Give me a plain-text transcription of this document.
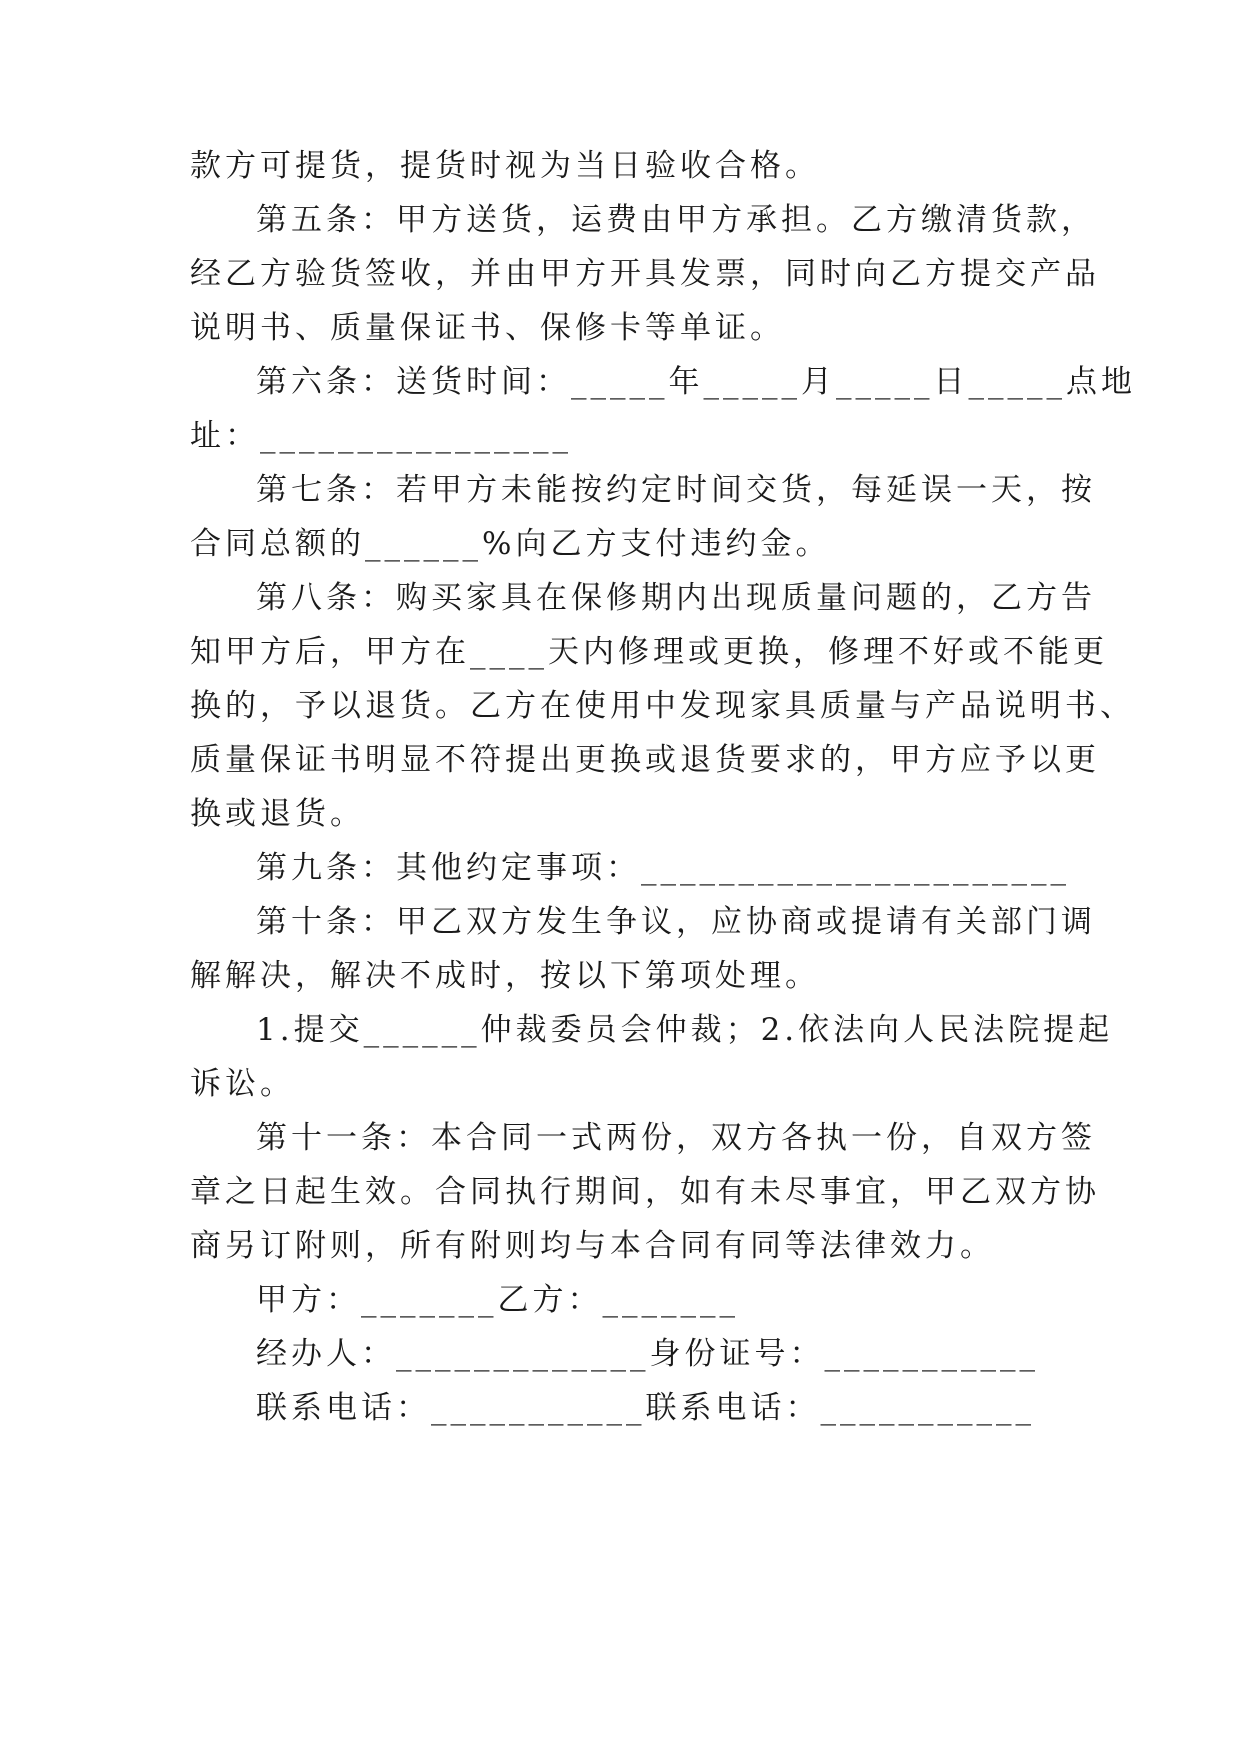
款方可提货，提货时视为当日验收合格。
第五条：甲方送货，运费由甲方承担。乙方缴清货款，
经乙方验货签收，并由甲方开具发票，同时向乙方提交产品
说明书、质量保证书、保修卡等单证。
第六条：送货时间：_____年_____月_____日_____点地
址：________________
第七条：若甲方未能按约定时间交货，每延误一天，按
合同总额的______%向乙方支付违约金。
第八条：购买家具在保修期内出现质量问题的，乙方告
知甲方后，甲方在____天内修理或更换，修理不好或不能更
换的，予以退货。乙方在使用中发现家具质量与产品说明书、
质量保证书明显不符提出更换或退货要求的，甲方应予以更
换或退货。
第九条：其他约定事项：______________________
第十条：甲乙双方发生争议，应协商或提请有关部门调
解解决，解决不成时，按以下第项处理。
1.提交______仲裁委员会仲裁；2.依法向人民法院提起
诉讼。
第十一条：本合同一式两份，双方各执一份，自双方签
章之日起生效。合同执行期间，如有未尽事宜，甲乙双方协
商另订附则，所有附则均与本合同有同等法律效力。
甲方：_______乙方：_______
经办人：_____________身份证号：___________
联系电话：___________联系电话：___________
